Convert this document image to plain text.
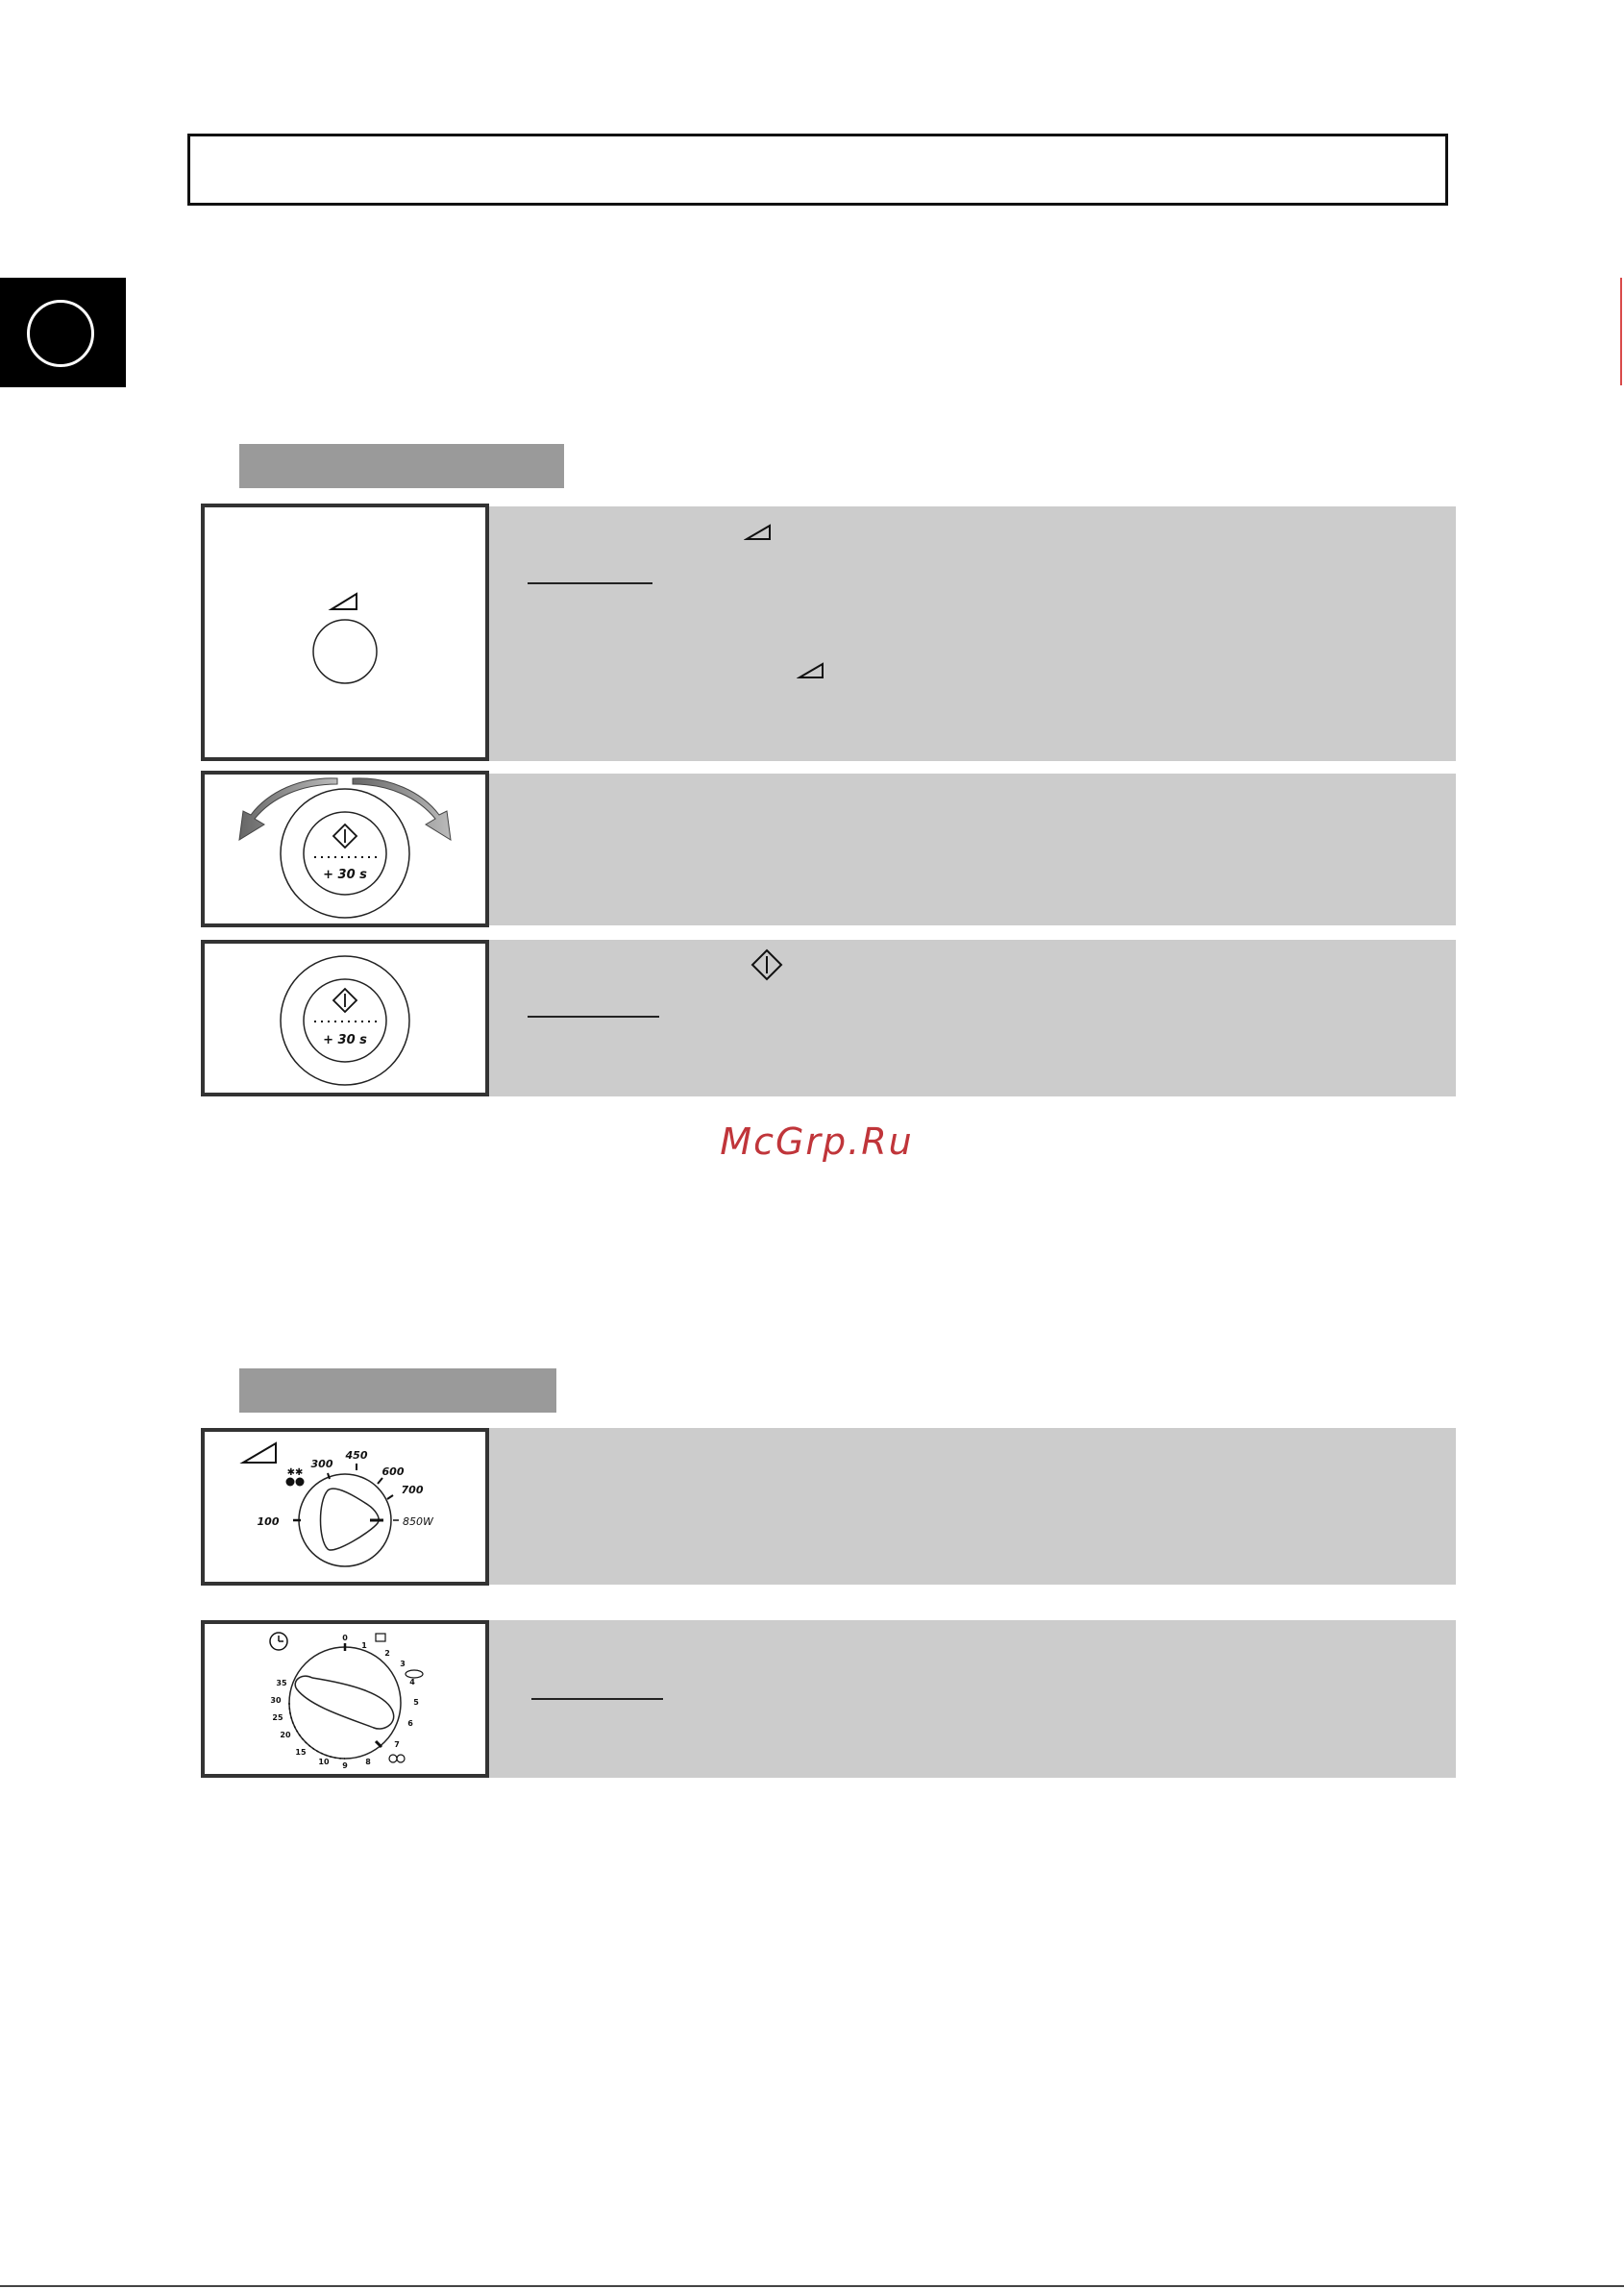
+ 30 s
+ 30 s
McGrp.Ru
✱✱
100
300
450
600
700
850W
0
1
2
3
4
5
6
7
8
9
10
15
20
25
30
35
